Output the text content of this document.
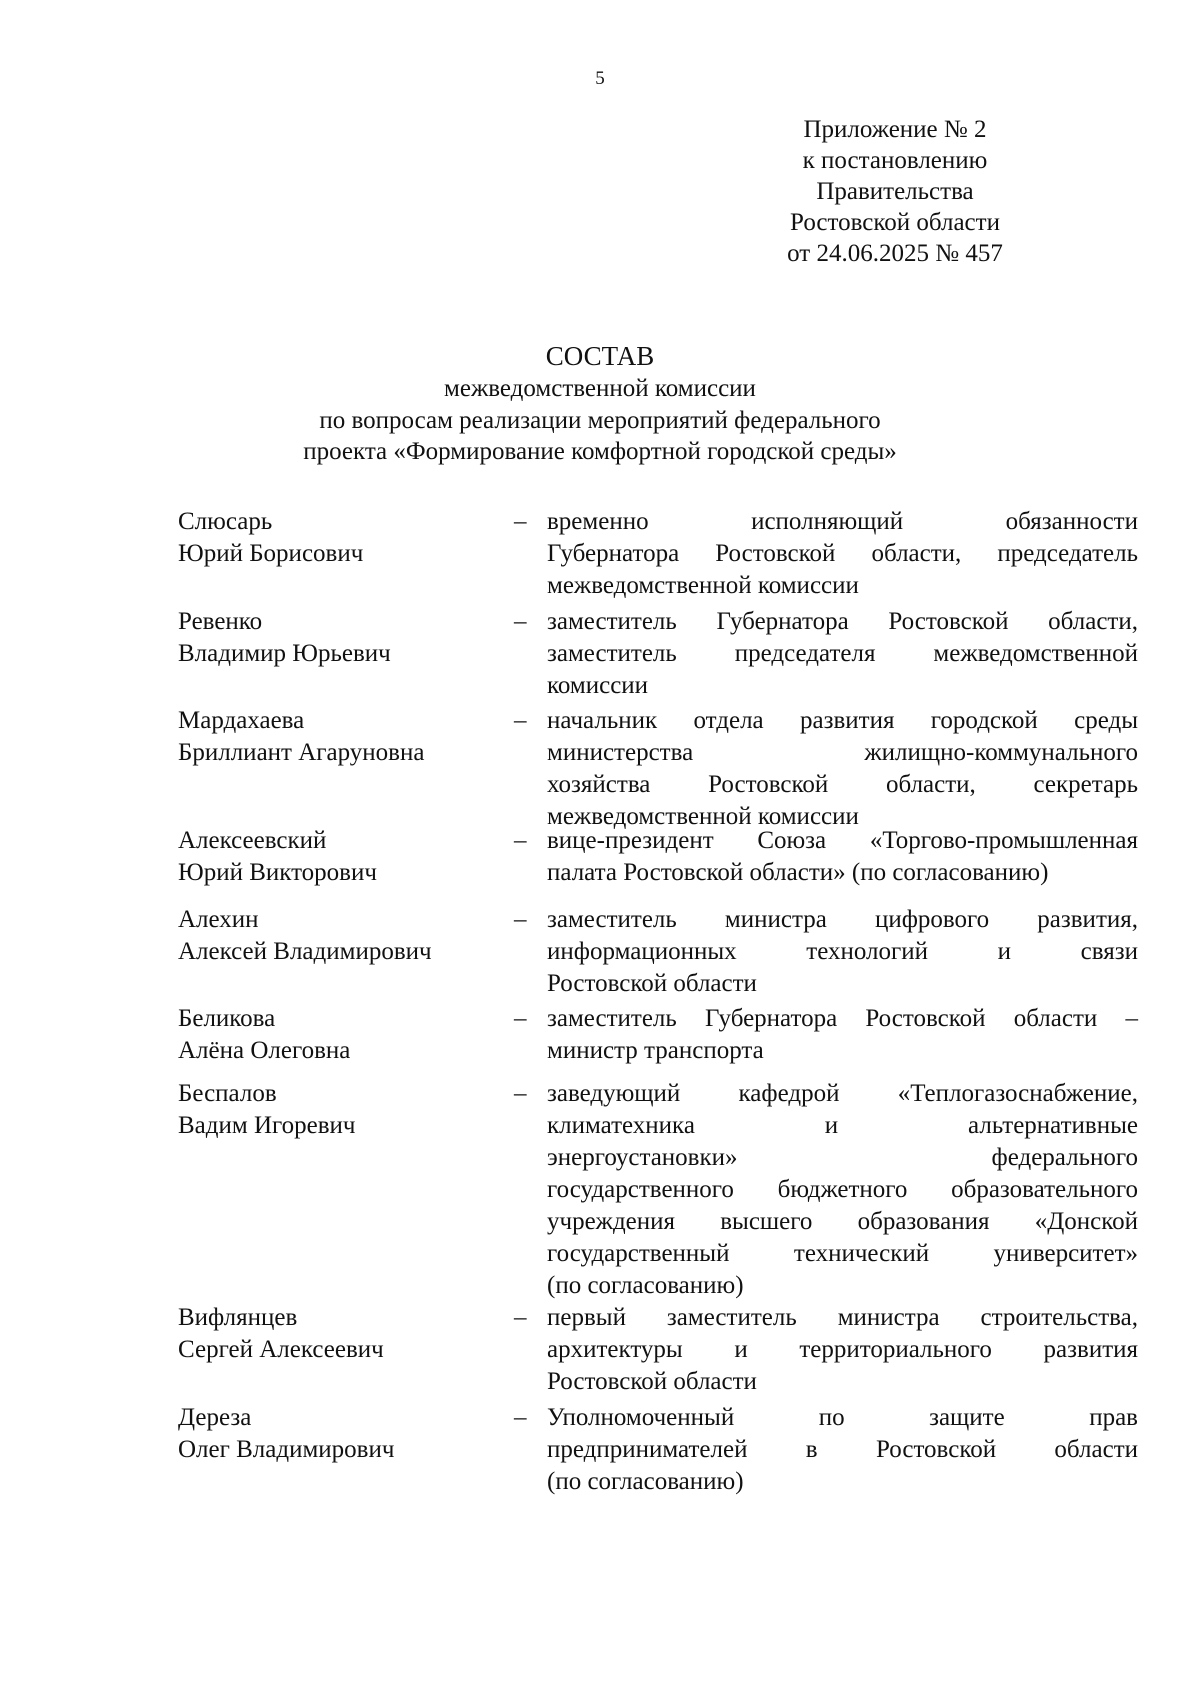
5
Приложение № 2
к постановлению
Правительства
Ростовской области
от 24.06.2025 № 457
СОСТАВ
межведомственной комиссии
по вопросам реализации мероприятий федерального
проекта «Формирование комфортной городской среды»
Слюсарь
Юрий Борисович
– временно исполняющий обязанности
Губернатора Ростовской области, председатель
межведомственной комиссии
Ревенко
Владимир Юрьевич
– заместитель Губернатора Ростовской области,
заместитель председателя межведомственной
комиссии
Мардахаева
Бриллиант Агаруновна
– начальник отдела развития городской среды
министерства жилищно-коммунального
хозяйства Ростовской области, секретарь
межведомственной комиссии
Алексеевский
Юрий Викторович
– вице-президент Союза «Торгово-промышленная
палата Ростовской области» (по согласованию)
Алехин
Алексей Владимирович
– заместитель министра цифрового развития,
информационных технологий и связи
Ростовской области
Беликова
Алёна Олеговна
– заместитель Губернатора Ростовской области –
министр транспорта
Беспалов
Вадим Игоревич
– заведующий кафедрой «Теплогазоснабжение,
климатехника и альтернативные
энергоустановки» федерального
государственного бюджетного образовательного
учреждения высшего образования «Донской
государственный технический университет»
(по согласованию)
Вифлянцев
Сергей Алексеевич
– первый заместитель министра строительства,
архитектуры и территориального развития
Ростовской области
Дереза
Олег Владимирович
– Уполномоченный по защите прав
предпринимателей в Ростовской области
(по согласованию)
